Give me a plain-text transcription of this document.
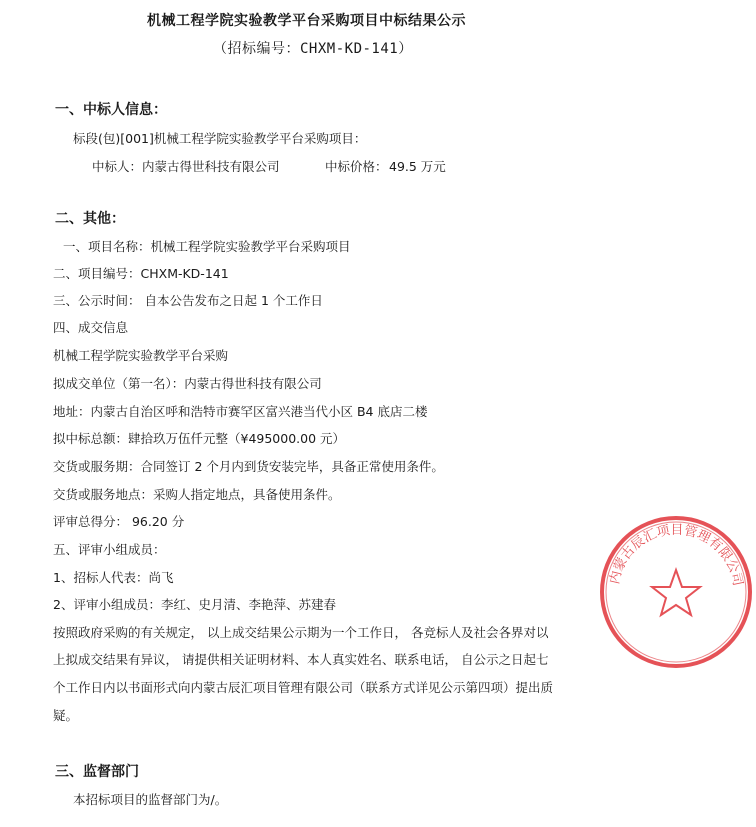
机械工程学院实验教学平台采购项目中标结果公示
（招标编号：CHXM-KD-141）
一、中标人信息：
标段(包)[001]机械工程学院实验教学平台采购项目：
中标人： 内蒙古得世科技有限公司	中标价格： 49.5 万元
二、其他：
一、项目名称：机械工程学院实验教学平台采购项目
二、项目编号：CHXM-KD-141
三、公示时间： 自本公告发布之日起 1 个工作日
四、成交信息
机械工程学院实验教学平台采购
拟成交单位（第一名）：内蒙古得世科技有限公司
地址：内蒙古自治区呼和浩特市赛罕区富兴港当代小区 B4 底店二楼
拟中标总额：肆拾玖万伍仟元整（¥495000.00 元）
交货或服务期：合同签订 2 个月内到货安装完毕，具备正常使用条件。
交货或服务地点：采购人指定地点，具备使用条件。
评审总得分： 96.20 分
五、评审小组成员：
1、招标人代表：尚飞
2、评审小组成员：李红、史月清、李艳萍、苏建春
按照政府采购的有关规定， 以上成交结果公示期为一个工作日， 各竞标人及社会各界对以
上拟成交结果有异议， 请提供相关证明材料、本人真实姓名、联系电话， 自公示之日起七
个工作日内以书面形式向内蒙古辰汇项目管理有限公司（联系方式详见公示第四项）提出质
疑。
三、监督部门
本招标项目的监督部门为/。
内蒙古辰汇项目管理有限公司
